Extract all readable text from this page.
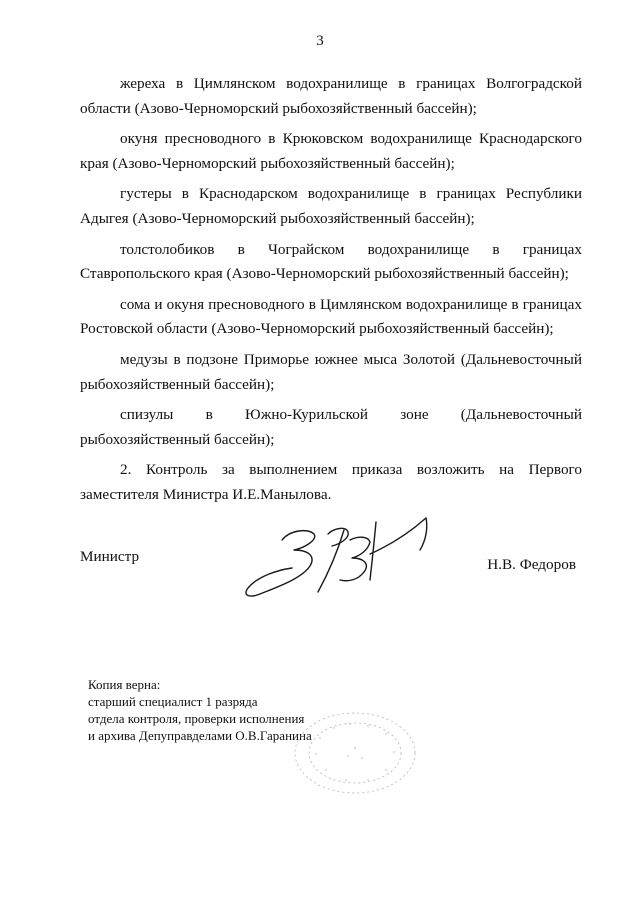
3

жереха в Цимлянском водохранилище в границах Волгоградской области (Азово-Черноморский рыбохозяйственный бассейн);

окуня пресноводного в Крюковском водохранилище Краснодарского края (Азово-Черноморский рыбохозяйственный бассейн);

густеры в Краснодарском водохранилище в границах Республики Адыгея (Азово-Черноморский рыбохозяйственный бассейн);

толстолобиков в Чограйском водохранилище в границах Ставропольского края (Азово-Черноморский рыбохозяйственный бассейн);

сома и окуня пресноводного в Цимлянском водохранилище в границах Ростовской области (Азово-Черноморский рыбохозяйственный бассейн);

медузы в подзоне Приморье южнее мыса Золотой (Дальневосточный рыбохозяйственный бассейн);

спизулы в Южно-Курильской зоне (Дальневосточный рыбохозяйственный бассейн);

2. Контроль за выполнением приказа возложить на Первого заместителя Министра И.Е.Манылова.

Министр	Н.В. Федоров
Копия верна:
старший специалист 1 разряда
отдела контроля, проверки исполнения
и архива Депуправделами О.В.Гаранина
